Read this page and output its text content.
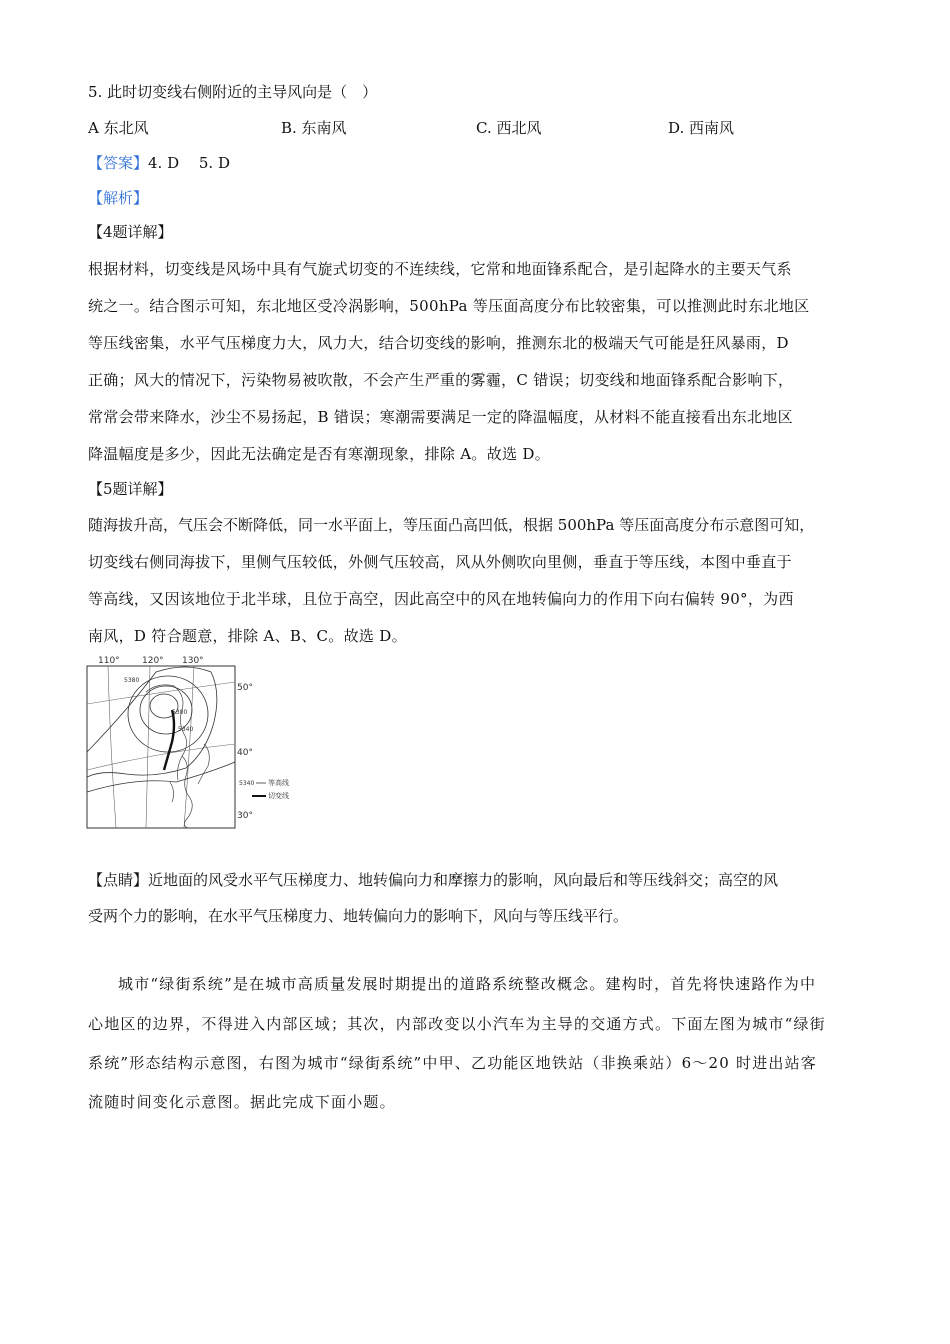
5. 此时切变线右侧附近的主导风向是（　）
A 东北风	B. 东南风	C. 西北风	D. 西南风
【答案】4. D　 5. D
【解析】
【4题详解】
根据材料，切变线是风场中具有气旋式切变的不连续线，它常和地面锋系配合，是引起降水的主要天气系
统之一。结合图示可知，东北地区受冷涡影响，500hPa 等压面高度分布比较密集，可以推测此时东北地区
等压线密集，水平气压梯度力大，风力大，结合切变线的影响，推测东北的极端天气可能是狂风暴雨，D
正确；风大的情况下，污染物易被吹散，不会产生严重的雾霾，C 错误；切变线和地面锋系配合影响下，
常常会带来降水，沙尘不易扬起，B 错误；寒潮需要满足一定的降温幅度，从材料不能直接看出东北地区
降温幅度是多少，因此无法确定是否有寒潮现象，排除 A。故选 D。
【5题详解】
随海拔升高，气压会不断降低，同一水平面上，等压面凸高凹低，根据 500hPa 等压面高度分布示意图可知，
切变线右侧同海拔下，里侧气压较低，外侧气压较高，风从外侧吹向里侧，垂直于等压线，本图中垂直于
等高线，又因该地位于北半球，且位于高空，因此高空中的风在地转偏向力的作用下向右偏转 90°，为西
南风，D 符合题意，排除 A、B、C。故选 D。
110° 120° 130°
50°
40°
30°
5380
5300
5340
5340 等高线
切变线
【点睛】近地面的风受水平气压梯度力、地转偏向力和摩擦力的影响，风向最后和等压线斜交；高空的风
受两个力的影响，在水平气压梯度力、地转偏向力的影响下，风向与等压线平行。
城市“绿街系统”是在城市高质量发展时期提出的道路系统整改概念。建构时，首先将快速路作为中
心地区的边界，不得进入内部区域；其次，内部改变以小汽车为主导的交通方式。下面左图为城市“绿街
系统”形态结构示意图，右图为城市“绿街系统”中甲、乙功能区地铁站（非换乘站）6～20 时进出站客
流随时间变化示意图。据此完成下面小题。
